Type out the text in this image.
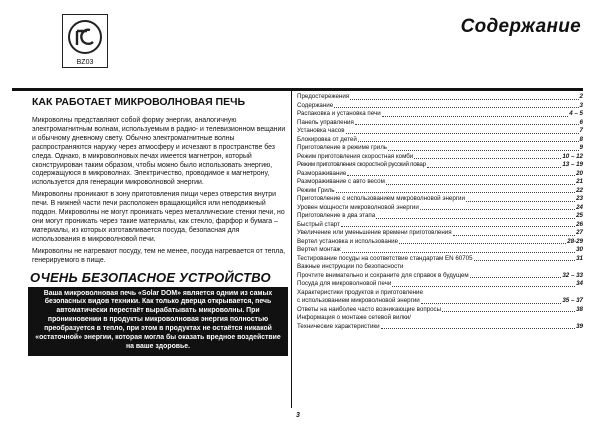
BZ03
Содержание
КАК РАБОТАЕТ МИКРОВОЛНОВАЯ ПЕЧЬ

Микроволны представляют собой форму энергии, аналогичную электромагнитным волнам, используемым в радио- и телевизионном вещании и обычному дневному свету. Обычно электромагнитные волны распространяются наружу через атмосферу и исчезают в пространстве без следа. Однако, в микроволновых печах имеется магнетрон, который сконструирован таким образом, чтобы можно было использовать энергию, содержащуюся в микроволнах. Электричество, проводимое к магнетрону, используется для генерации микроволновой энергии.

Микроволны проникают в зону приготовления пищи через отверстия внутри печи. В нижней части печи расположен вращающийся или неподвижный поддон. Микроволны не могут проникать через металлические стенки печи, но они могут проникать через такие материалы, как стекло, фарфор и бумага – материалы, из которых изготавливается посуда, безопасная для использования в микроволновой печи.

Микроволны не нагревают посуду, тем не менее, посуда нагревается от тепла, генерируемого в пище.

ОЧЕНЬ БЕЗОПАСНОЕ УСТРОЙСТВО
Ваша микроволновая печь «Solar DOM» является одним из самых безопасных видов техники. Как только дверца открывается, печь автоматически перестаёт вырабатывать микроволны. При проникновении в продукты микроволновая энергия полностью преобразуется в тепло, при этом в продуктах не остаётся никакой «остаточной» энергии, которая могла бы оказать вредное воздействие на ваше здоровье.
Предостережения	2
Содержание	3
Распаковка и установка печи	4 – 5
Панель управления	6
Установка часов	7
Блокировка от детей	8
Приготовление в режиме гриль	9
Режим приготовления скоростная комби	10 – 12
Режим приготовления скоростной русский повар	13 – 19
Размораживание	20
Размораживание с авто весом	21
Режим Гриль	22
Приготовление с использованием микроволновой энергии	23
Уровен мощности микроволновой энергии	24
Приготовление в два этапа	25
Быстрый старт	26
Увеличение или уменьшение времени приготовления	27
Вертел установка и использование	28-29
Вертел монтаж	30
Тестирование посуды на соответствие стандартам EN 60705	31
Важные инструкции по безопасности
Прочтите внимательно и сохраните для справок в будущем	32 – 33
Посуда для микроволновой печи	34
Характеристики продуктов и приготовление
с использованием микроволновой энергии	35 – 37
Ответы на наиболее часто возникающие вопросы	38
Информация о монтаже сетевой вилки/
Технические характеристики	39
3
